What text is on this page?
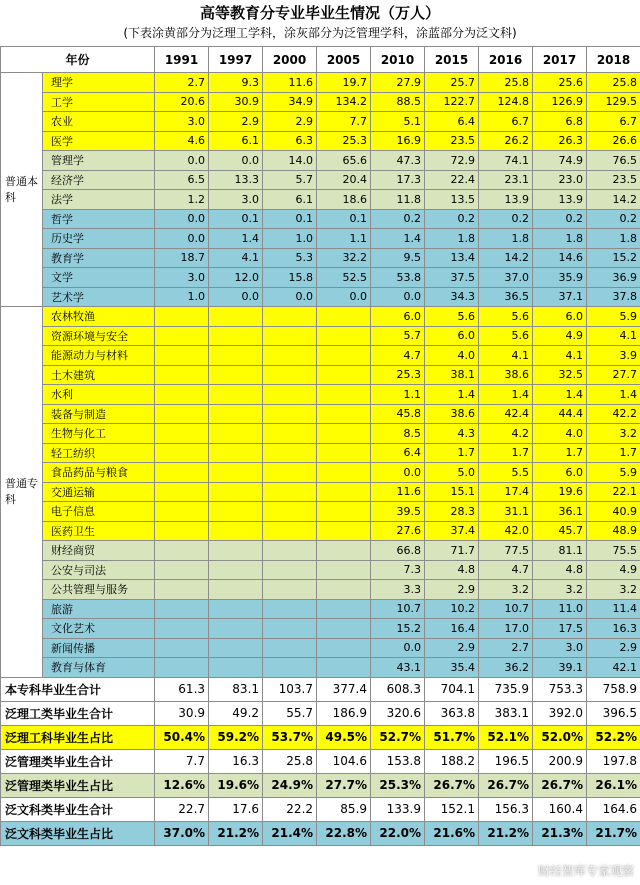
高等教育分专业毕业生情况（万人）
(下表涂黄部分为泛理工学科，涂灰部分为泛管理学科，涂蓝部分为泛文科)
年份		1991	1997	2000	2005	2010	2015	2016	2017	2018
普通本科	理学	2.7	9.3	11.6	19.7	27.9	25.7	25.8	25.6	25.8
	工学	20.6	30.9	34.9	134.2	88.5	122.7	124.8	126.9	129.5
	农业	3.0	2.9	2.9	7.7	5.1	6.4	6.7	6.8	6.7
	医学	4.6	6.1	6.3	25.3	16.9	23.5	26.2	26.3	26.6
	管理学	0.0	0.0	14.0	65.6	47.3	72.9	74.1	74.9	76.5
	经济学	6.5	13.3	5.7	20.4	17.3	22.4	23.1	23.0	23.5
	法学	1.2	3.0	6.1	18.6	11.8	13.5	13.9	13.9	14.2
	哲学	0.0	0.1	0.1	0.1	0.2	0.2	0.2	0.2	0.2
	历史学	0.0	1.4	1.0	1.1	1.4	1.8	1.8	1.8	1.8
	教育学	18.7	4.1	5.3	32.2	9.5	13.4	14.2	14.6	15.2
	文学	3.0	12.0	15.8	52.5	53.8	37.5	37.0	35.9	36.9
	艺术学	1.0	0.0	0.0	0.0	0.0	34.3	36.5	37.1	37.8
普通专科	农林牧渔					6.0	5.6	5.6	6.0	5.9
	资源环境与安全					5.7	6.0	5.6	4.9	4.1
	能源动力与材料					4.7	4.0	4.1	4.1	3.9
	土木建筑					25.3	38.1	38.6	32.5	27.7
	水利					1.1	1.4	1.4	1.4	1.4
	装备与制造					45.8	38.6	42.4	44.4	42.2
	生物与化工					8.5	4.3	4.2	4.0	3.2
	轻工纺织					6.4	1.7	1.7	1.7	1.7
	食品药品与粮食					0.0	5.0	5.5	6.0	5.9
	交通运输					11.6	15.1	17.4	19.6	22.1
	电子信息					39.5	28.3	31.1	36.1	40.9
	医药卫生					27.6	37.4	42.0	45.7	48.9
	财经商贸					66.8	71.7	77.5	81.1	75.5
	公安与司法					7.3	4.8	4.7	4.8	4.9
	公共管理与服务					3.3	2.9	3.2	3.2	3.2
	旅游					10.7	10.2	10.7	11.0	11.4
	文化艺术					15.2	16.4	17.0	17.5	16.3
	新闻传播					0.0	2.9	2.7	3.0	2.9
	教育与体育					43.1	35.4	36.2	39.1	42.1
本专科毕业生合计		61.3	83.1	103.7	377.4	608.3	704.1	735.9	753.3	758.9
泛理工类毕业生合计		30.9	49.2	55.7	186.9	320.6	363.8	383.1	392.0	396.5
泛理工科毕业生占比		50.4%	59.2%	53.7%	49.5%	52.7%	51.7%	52.1%	52.0%	52.2%
泛管理类毕业生合计		7.7	16.3	25.8	104.6	153.8	188.2	196.5	200.9	197.8
泛管理类毕业生占比		12.6%	19.6%	24.9%	27.7%	25.3%	26.7%	26.7%	26.7%	26.1%
泛文科类毕业生合计		22.7	17.6	22.2	85.9	133.9	152.1	156.3	160.4	164.6
泛文科类毕业生占比		37.0%	21.2%	21.4%	22.8%	22.0%	21.6%	21.2%	21.3%	21.7%
财经智库专家观察
